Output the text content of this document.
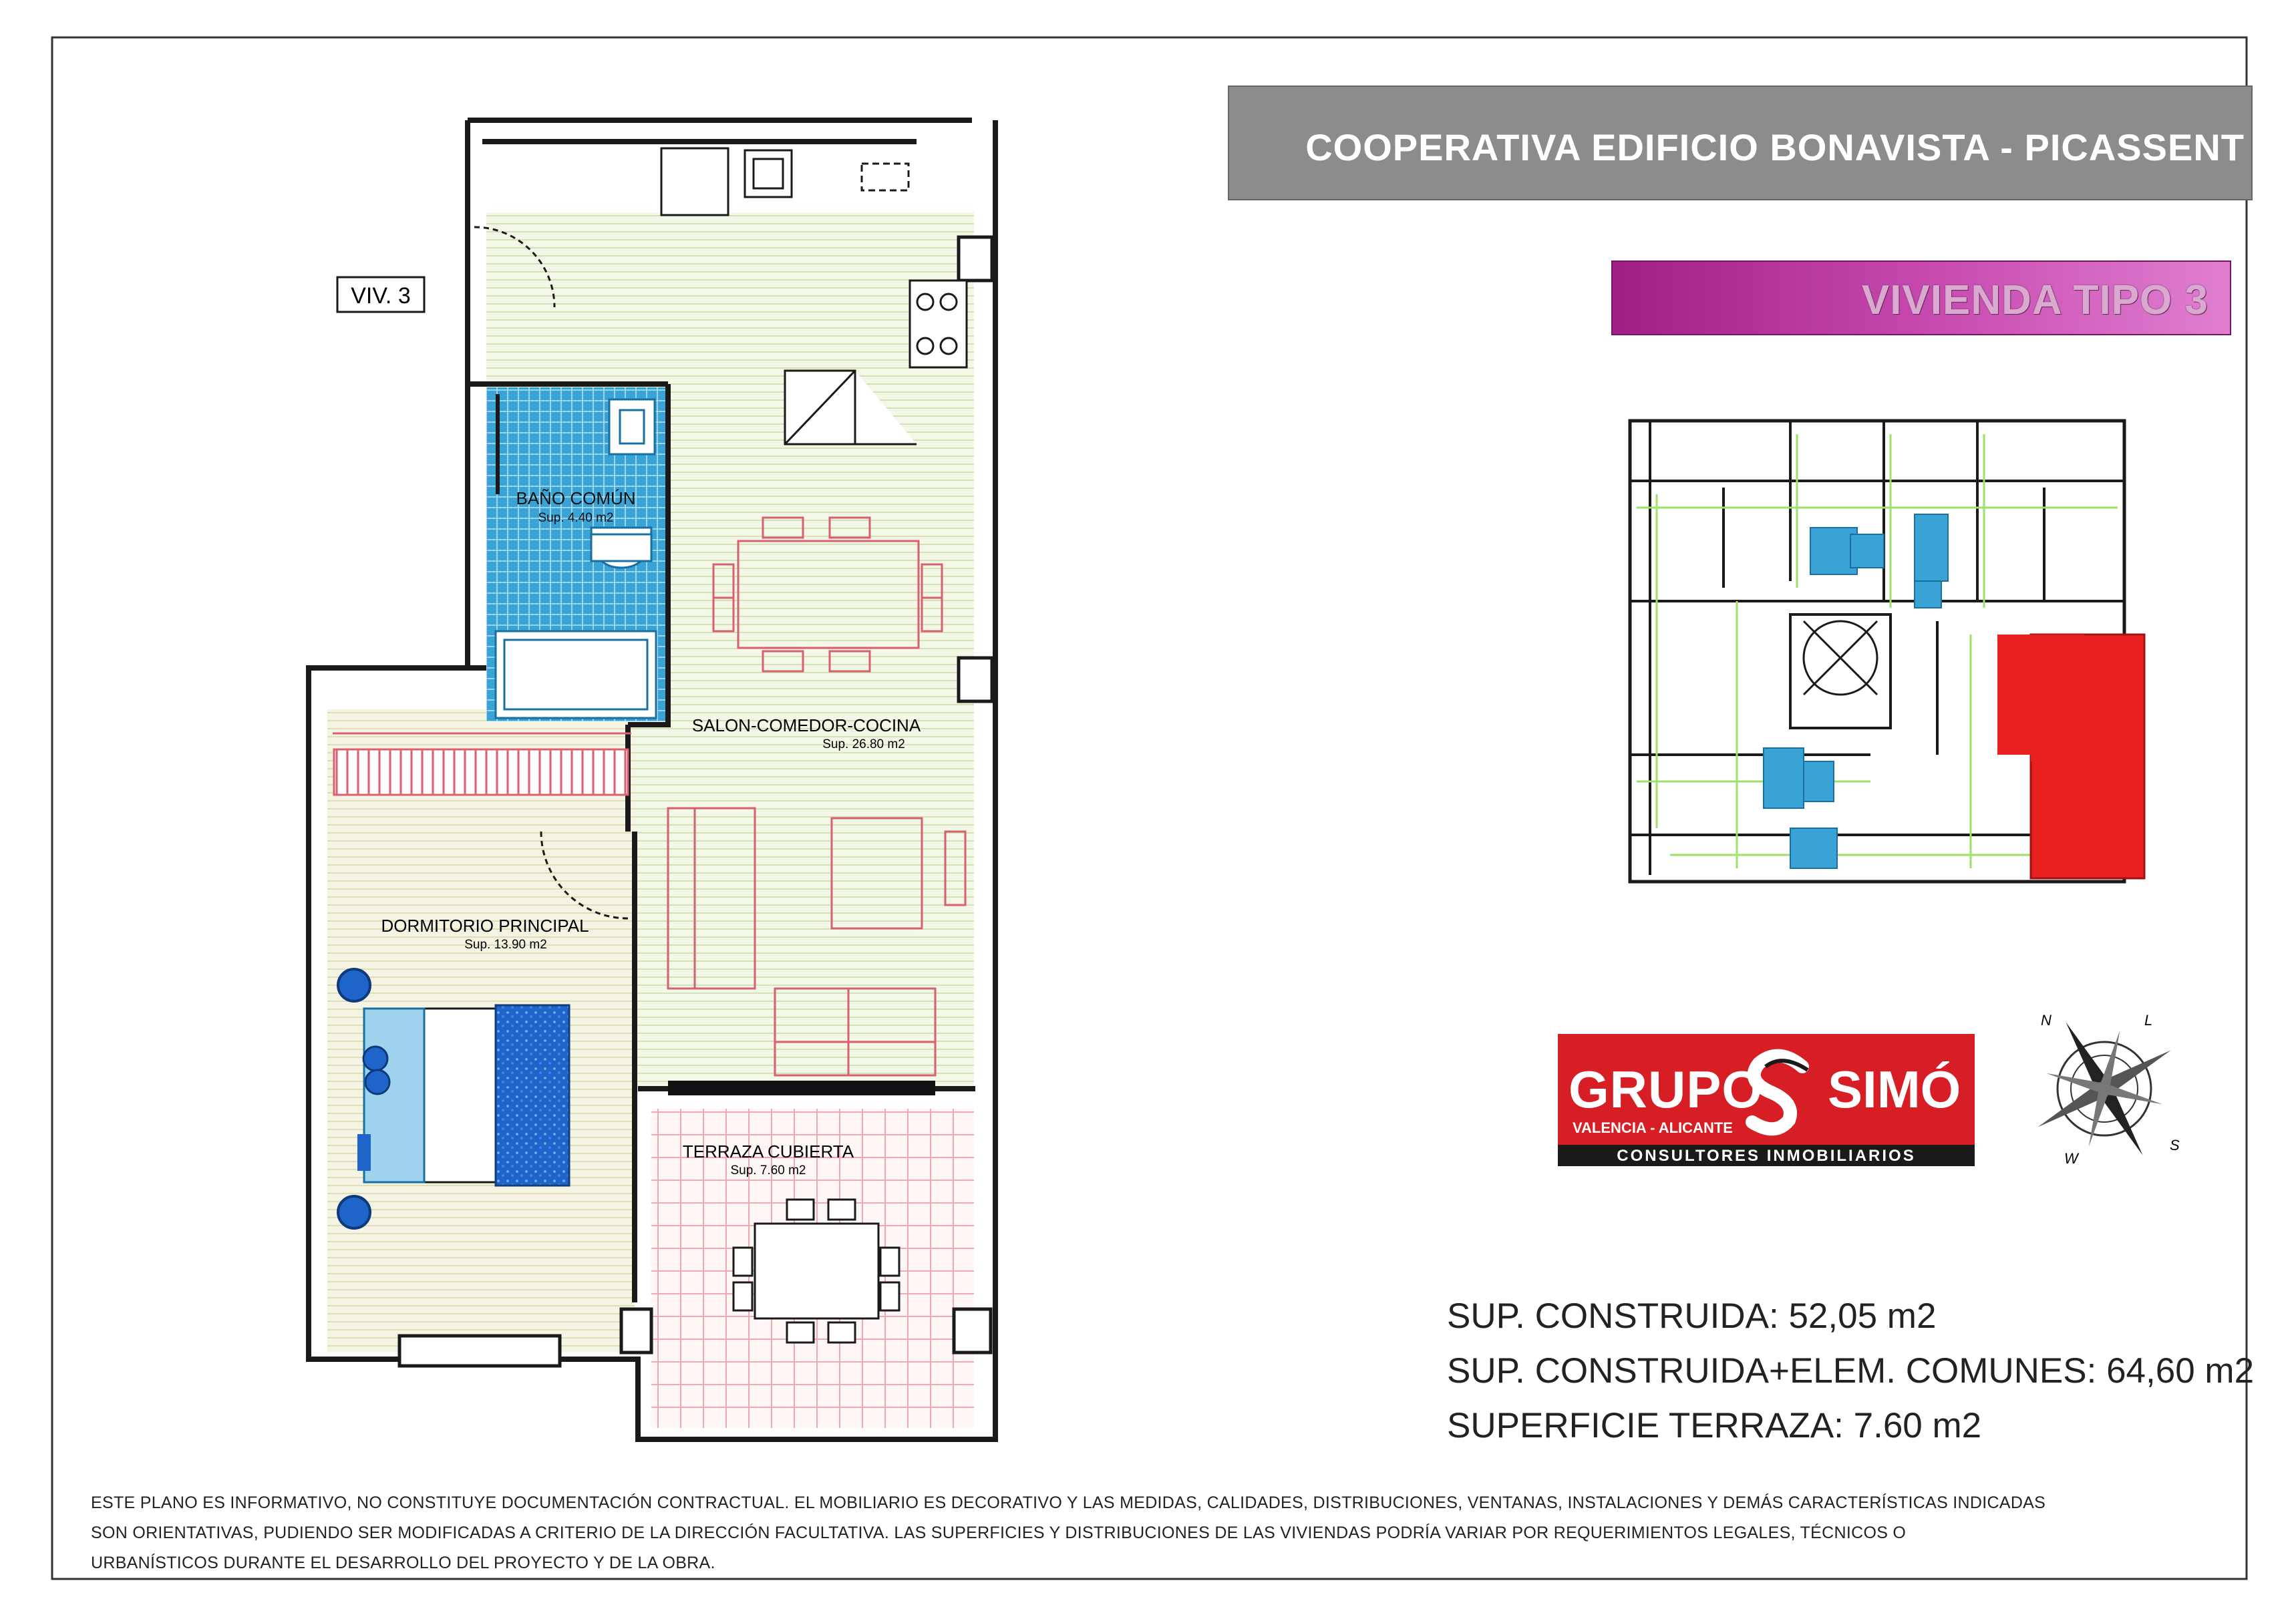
VIV. 3
BAÑO COMÚN
Sup. 4.40 m2
SALON-COMEDOR-COCINA
Sup. 26.80 m2
DORMITORIO PRINCIPAL
Sup. 13.90 m2
TERRAZA CUBIERTA
Sup. 7.60 m2
N	L
W
S
COOPERATIVA EDIFICIO BONAVISTA - PICASSENT
VIVIENDA TIPO 3
GRUPO SIMÓ
VALENCIA - ALICANTE
CONSULTORES INMOBILIARIOS
SUP. CONSTRUIDA: 52,05 m2
SUP. CONSTRUIDA+ELEM. COMUNES: 64,60 m2
SUPERFICIE TERRAZA: 7.60 m2
ESTE PLANO ES INFORMATIVO, NO CONSTITUYE DOCUMENTACIÓN CONTRACTUAL. EL MOBILIARIO ES DECORATIVO Y LAS MEDIDAS, CALIDADES, DISTRIBUCIONES, VENTANAS, INSTALACIONES Y DEMÁS CARACTERÍSTICAS INDICADAS
SON ORIENTATIVAS, PUDIENDO SER MODIFICADAS A CRITERIO DE LA DIRECCIÓN FACULTATIVA. LAS SUPERFICIES Y DISTRIBUCIONES DE LAS VIVIENDAS PODRÍA VARIAR POR REQUERIMIENTOS LEGALES, TÉCNICOS O
URBANÍSTICOS DURANTE EL DESARROLLO DEL PROYECTO Y DE LA OBRA.
